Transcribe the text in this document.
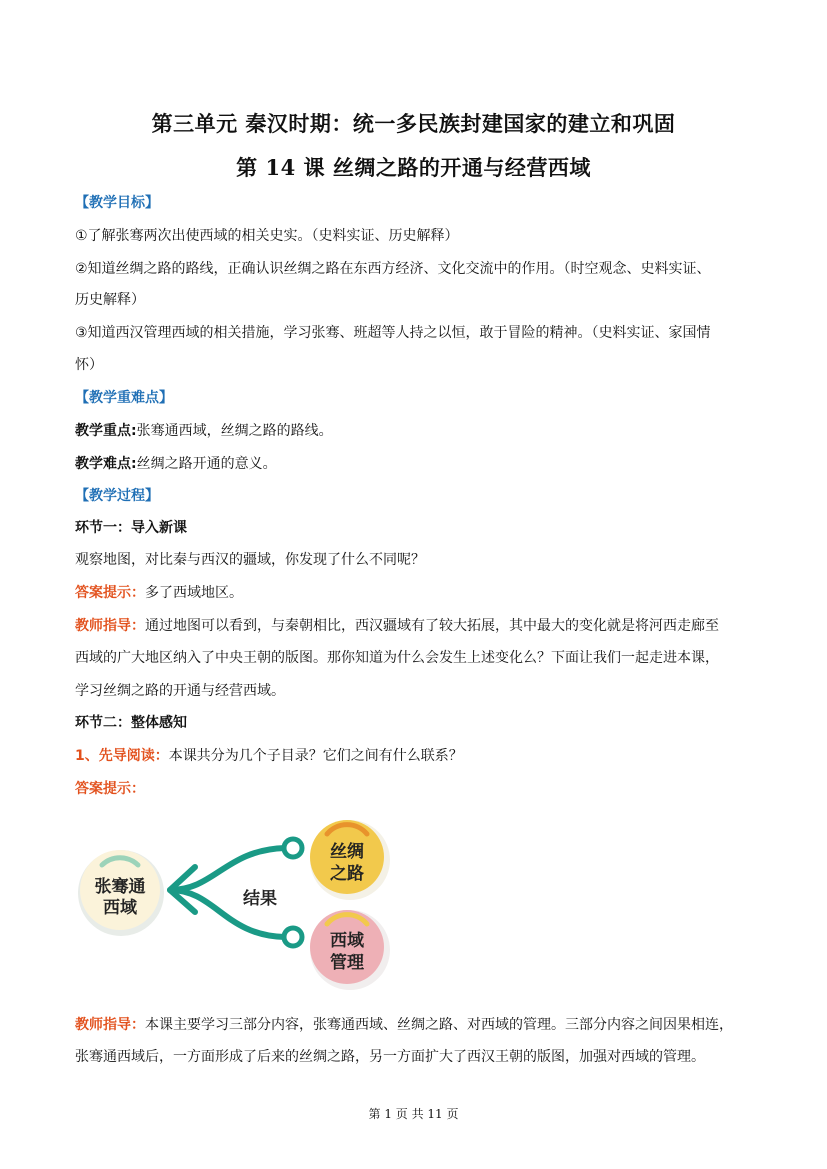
第三单元 秦汉时期：统一多民族封建国家的建立和巩固
第 14 课 丝绸之路的开通与经营西域
【教学目标】
①了解张骞两次出使西域的相关史实。（史料实证、历史解释）
②知道丝绸之路的路线，正确认识丝绸之路在东西方经济、文化交流中的作用。（时空观念、史料实证、
历史解释）
③知道西汉管理西域的相关措施，学习张骞、班超等人持之以恒，敢于冒险的精神。（史料实证、家国情
怀）
【教学重难点】
教学重点:张骞通西域，丝绸之路的路线。
教学难点:丝绸之路开通的意义。
【教学过程】
环节一：导入新课
观察地图，对比秦与西汉的疆域，你发现了什么不同呢？
答案提示：多了西域地区。
教师指导：通过地图可以看到，与秦朝相比，西汉疆域有了较大拓展，其中最大的变化就是将河西走廊至
西域的广大地区纳入了中央王朝的版图。那你知道为什么会发生上述变化么？下面让我们一起走进本课，
学习丝绸之路的开通与经营西域。
环节二：整体感知
1、先导阅读：本课共分为几个子目录？它们之间有什么联系？
答案提示：
张骞通
西域	结果
丝绸
之路
西域
管理
教师指导：本课主要学习三部分内容，张骞通西域、丝绸之路、对西域的管理。三部分内容之间因果相连，
张骞通西域后，一方面形成了后来的丝绸之路，另一方面扩大了西汉王朝的版图，加强对西域的管理。
第 1 页 共 11 页
